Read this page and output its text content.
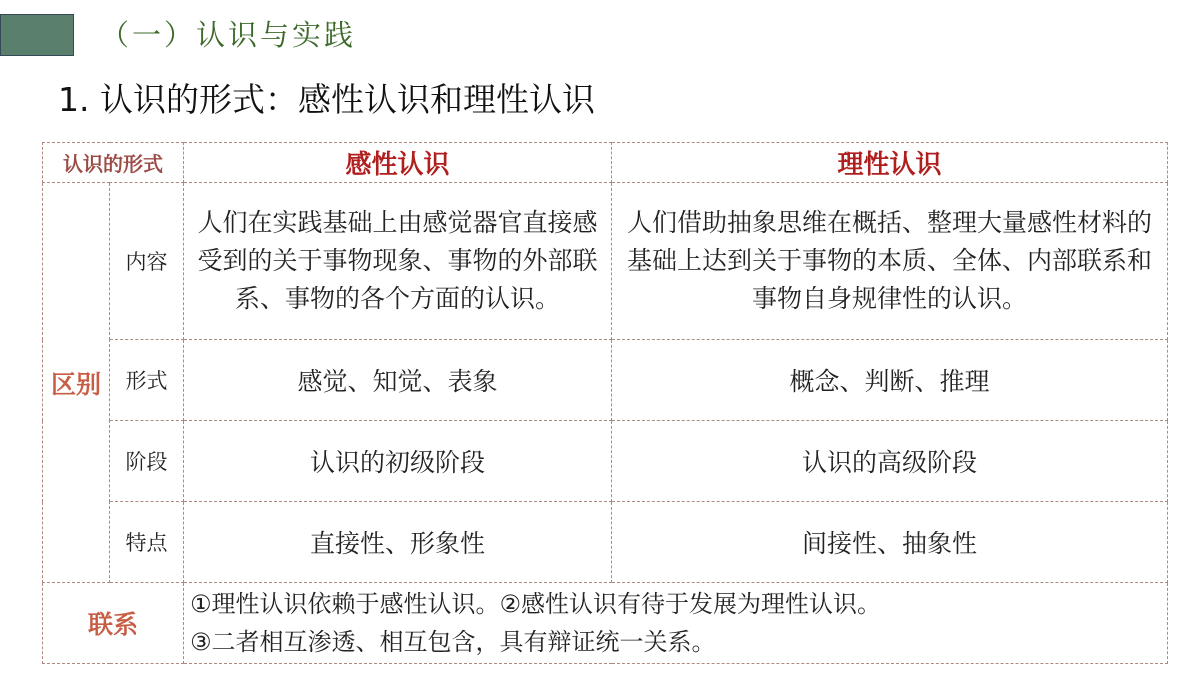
（一）认识与实践
1. 认识的形式：感性认识和理性认识
认识的形式		感性认识	理性认识
区别	内容	人们在实践基础上由感觉器官直接感受到的关于事物现象、事物的外部联系、事物的各个方面的认识。	人们借助抽象思维在概括、整理大量感性材料的基础上达到关于事物的本质、全体、内部联系和事物自身规律性的认识。
	形式	感觉、知觉、表象	概念、判断、推理
	阶段	认识的初级阶段	认识的高级阶段
	特点	直接性、形象性	间接性、抽象性
联系		①理性认识依赖于感性认识。②感性认识有待于发展为理性认识。
③二者相互渗透、相互包含，具有辩证统一关系。	
